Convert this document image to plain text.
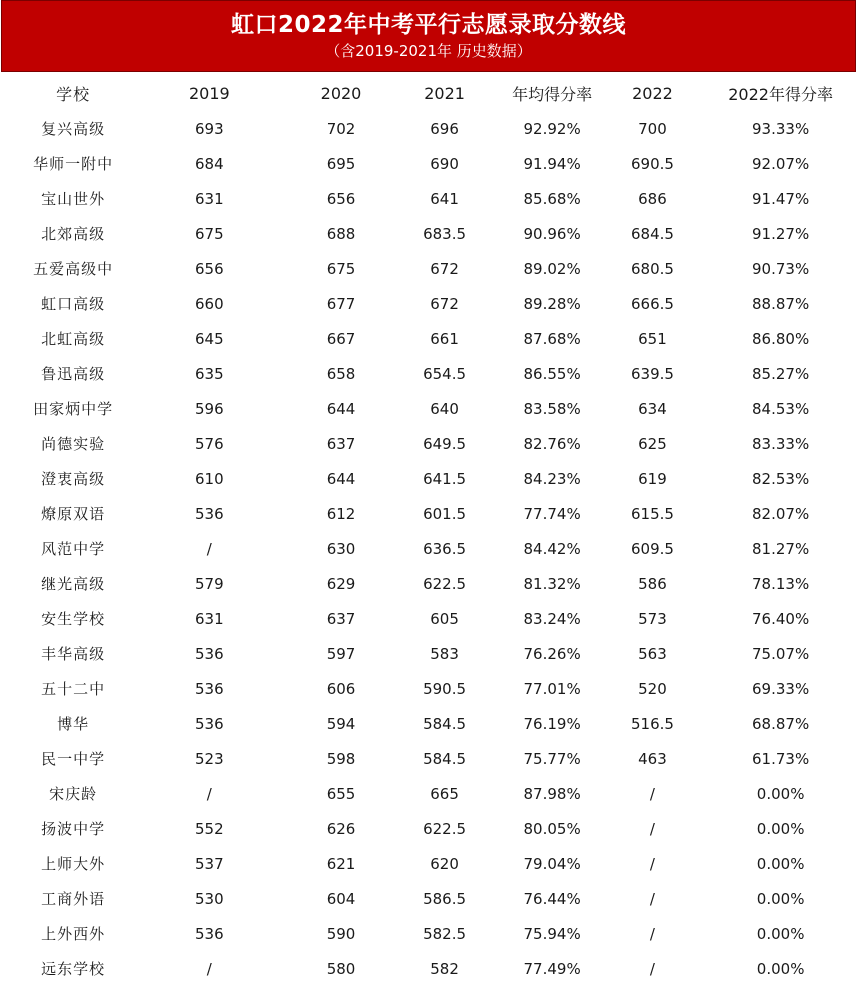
虹口2022年中考平行志愿录取分数线
（含2019-2021年 历史数据）
学校	2019	2020	2021	年均得分率	2022	2022年得分率
复兴高级	693	702	696	92.92%	700	93.33%
华师一附中	684	695	690	91.94%	690.5	92.07%
宝山世外	631	656	641	85.68%	686	91.47%
北郊高级	675	688	683.5	90.96%	684.5	91.27%
五爱高级中	656	675	672	89.02%	680.5	90.73%
虹口高级	660	677	672	89.28%	666.5	88.87%
北虹高级	645	667	661	87.68%	651	86.80%
鲁迅高级	635	658	654.5	86.55%	639.5	85.27%
田家炳中学	596	644	640	83.58%	634	84.53%
尚德实验	576	637	649.5	82.76%	625	83.33%
澄衷高级	610	644	641.5	84.23%	619	82.53%
燎原双语	536	612	601.5	77.74%	615.5	82.07%
风范中学	/	630	636.5	84.42%	609.5	81.27%
继光高级	579	629	622.5	81.32%	586	78.13%
安生学校	631	637	605	83.24%	573	76.40%
丰华高级	536	597	583	76.26%	563	75.07%
五十二中	536	606	590.5	77.01%	520	69.33%
博华	536	594	584.5	76.19%	516.5	68.87%
民一中学	523	598	584.5	75.77%	463	61.73%
宋庆龄	/	655	665	87.98%	/	0.00%
扬波中学	552	626	622.5	80.05%	/	0.00%
上师大外	537	621	620	79.04%	/	0.00%
工商外语	530	604	586.5	76.44%	/	0.00%
上外西外	536	590	582.5	75.94%	/	0.00%
远东学校	/	580	582	77.49%	/	0.00%
